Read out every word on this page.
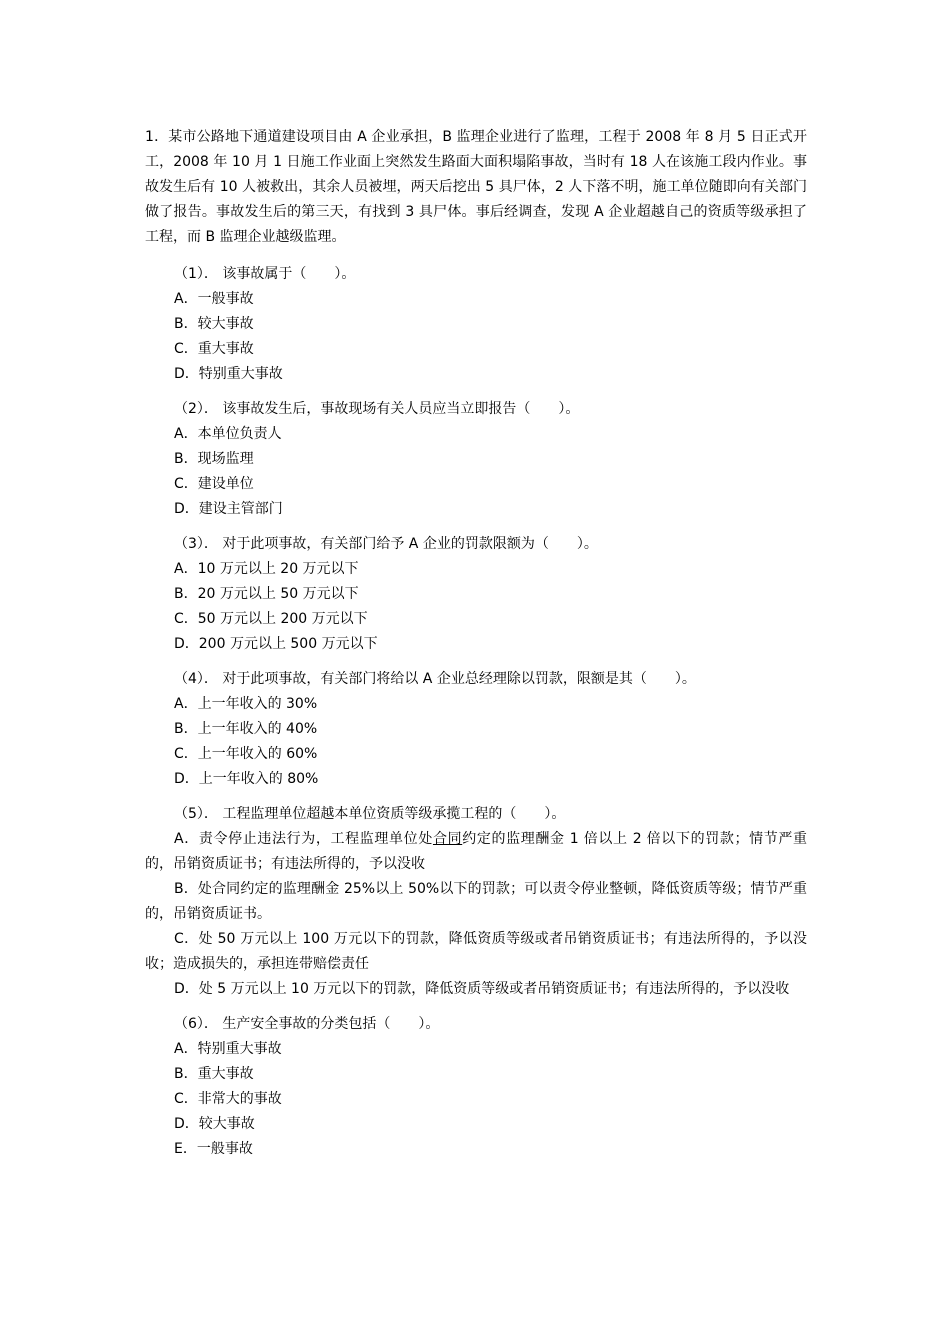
1．某市公路地下通道建设项目由 A 企业承担，B 监理企业进行了监理，工程于 2008 年 8 月 5 日正式开工，2008 年 10 月 1 日施工作业面上突然发生路面大面积塌陷事故，当时有 18 人在该施工段内作业。事故发生后有 10 人被救出，其余人员被埋，两天后挖出 5 具尸体，2 人下落不明，施工单位随即向有关部门做了报告。事故发生后的第三天，有找到 3 具尸体。事后经调查，发现 A 企业超越自己的资质等级承担了工程，而 B 监理企业越级监理。
（1）． 该事故属于（　　）。
A．一般事故
B．较大事故
C．重大事故
D．特别重大事故
（2）． 该事故发生后，事故现场有关人员应当立即报告（　　）。
A．本单位负责人
B．现场监理
C．建设单位
D．建设主管部门
（3）． 对于此项事故，有关部门给予 A 企业的罚款限额为（　　）。
A．10 万元以上 20 万元以下
B．20 万元以上 50 万元以下
C．50 万元以上 200 万元以下
D．200 万元以上 500 万元以下
（4）． 对于此项事故，有关部门将给以 A 企业总经理除以罚款，限额是其（　　）。
A．上一年收入的 30%
B．上一年收入的 40%
C．上一年收入的 60%
D．上一年收入的 80%
（5）． 工程监理单位超越本单位资质等级承揽工程的（　　）。
A．责令停止违法行为，工程监理单位处合同约定的监理酬金 1 倍以上 2 倍以下的罚款；情节严重的，吊销资质证书；有违法所得的，予以没收
B．处合同约定的监理酬金 25%以上 50%以下的罚款；可以责令停业整顿，降低资质等级；情节严重的，吊销资质证书。
C．处 50 万元以上 100 万元以下的罚款，降低资质等级或者吊销资质证书；有违法所得的，予以没收；造成损失的，承担连带赔偿责任
D．处 5 万元以上 10 万元以下的罚款，降低资质等级或者吊销资质证书；有违法所得的，予以没收
（6）． 生产安全事故的分类包括（　　）。
A．特别重大事故
B．重大事故
C．非常大的事故
D．较大事故
E．一般事故
